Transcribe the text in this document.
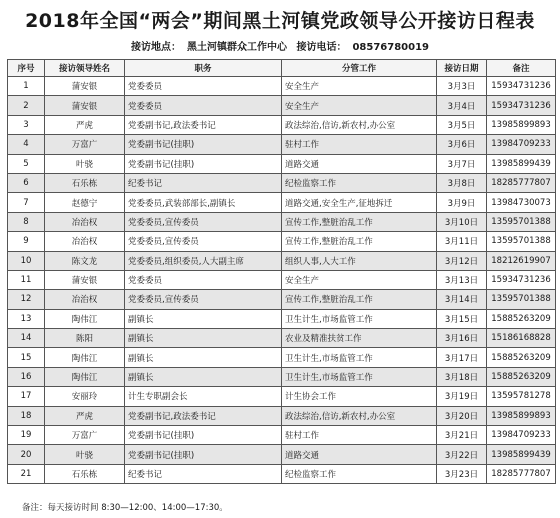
2018年全国“两会”期间黑土河镇党政领导公开接访日程表
接访地点： 黑土河镇群众工作中心 接访电话： 08576780019
序号	接访领导姓名	职务	分管工作	接访日期	备注
1	蒲安银	党委委员	安全生产	3月3日	15934731236
2	蒲安银	党委委员	安全生产	3月4日	15934731236
3	严虎	党委副书记,政法委书记	政法综治,信访,新农村,办公室	3月5日	13985899893
4	万富广	党委副书记(挂职)	驻村工作	3月6日	13984709233
5	叶骁	党委副书记(挂职)	道路交通	3月7日	13985899439
6	石乐栋	纪委书记	纪检监察工作	3月8日	18285777807
7	赵德宁	党委委员,武装部部长,副镇长	道路交通,安全生产,征地拆迁	3月9日	13984730073
8	冶治权	党委委员,宣传委员	宣传工作,整脏治乱工作	3月10日	13595701388
9	冶治权	党委委员,宣传委员	宣传工作,整脏治乱工作	3月11日	13595701388
10	陈文龙	党委委员,组织委员,人大副主席	组织人事,人大工作	3月12日	18212619907
11	蒲安银	党委委员	安全生产	3月13日	15934731236
12	冶治权	党委委员,宣传委员	宣传工作,整脏治乱工作	3月14日	13595701388
13	陶伟江	副镇长	卫生计生,市场监管工作	3月15日	15885263209
14	陈阳	副镇长	农业及精准扶贫工作	3月16日	15186168828
15	陶伟江	副镇长	卫生计生,市场监管工作	3月17日	15885263209
16	陶伟江	副镇长	卫生计生,市场监管工作	3月18日	15885263209
17	安丽玲	计生专职副会长	计生协会工作	3月19日	13595781278
18	严虎	党委副书记,政法委书记	政法综治,信访,新农村,办公室	3月20日	13985899893
19	万富广	党委副书记(挂职)	驻村工作	3月21日	13984709233
20	叶骁	党委副书记(挂职)	道路交通	3月22日	13985899439
21	石乐栋	纪委书记	纪检监察工作	3月23日	18285777807
备注：每天接访时间 8:30—12:00、14:00—17:30。
